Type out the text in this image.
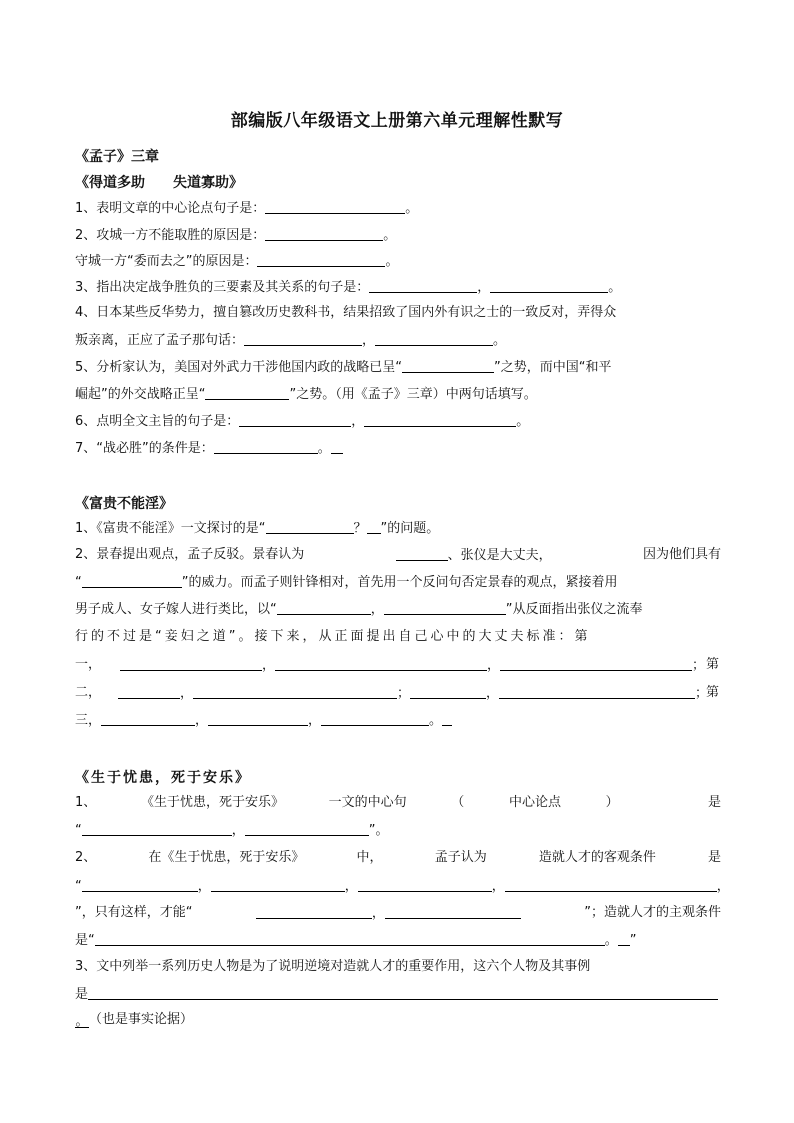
部编版八年级语文上册第六单元理解性默写
《孟子》三章
《得道多助　　失道寡助》
1、表明文章的中心论点句子是：	。
2、攻城一方不能取胜的原因是：	。
守城一方“委而去之”的原因是：	。
3、指出决定战争胜负的三要素及其关系的句子是：	，	。
4、日本某些反华势力，擅自篡改历史教科书，结果招致了国内外有识之士的一致反对，弄得众
叛亲离，正应了孟子那句话：	，	。
5、分析家认为，美国对外武力干涉他国内政的战略已呈“	”之势，而中国“和平
崛起”的外交战略正呈“	”之势。（用《孟子》三章）中两句话填写。
6、点明全文主旨的句子是：	，	。
7、“战必胜”的条件是：	。
《富贵不能淫》
1、《富贵不能淫》一文探讨的是“	？ ”的问题。
2、景春提出观点，孟子反驳。景春认为	、张仪是大丈夫，	因为他们具有
“	”的威力。而孟子则针锋相对，首先用一个反问句否定景春的观点，紧接着用
男子成人、女子嫁人进行类比，以“	，	”从反面指出张仪之流奉
行的不过是“妾妇之道”。接下来，从正面提出自己心中的大丈夫标准：第
一，	，	，	； 第
二，	，	；	，	；
第
三，	，	，	。
《生于忧患，死于安乐》
1、	《生于忧患，死于安乐》	一文的中心句	（	中心论点	）	是
“	，	”。
2、	在《生于忧患，死于安乐》	中，	孟子认为	造就人才的客观条件	是
“	，	，	，	，
”，只有这样，才能“	，	”；造就人才的主观条件
是“	。 ”
3、文中列举一系列历史人物是为了说明逆境对造就人才的重要作用，这六个人物及其事例
是
。（也是事实论据）
